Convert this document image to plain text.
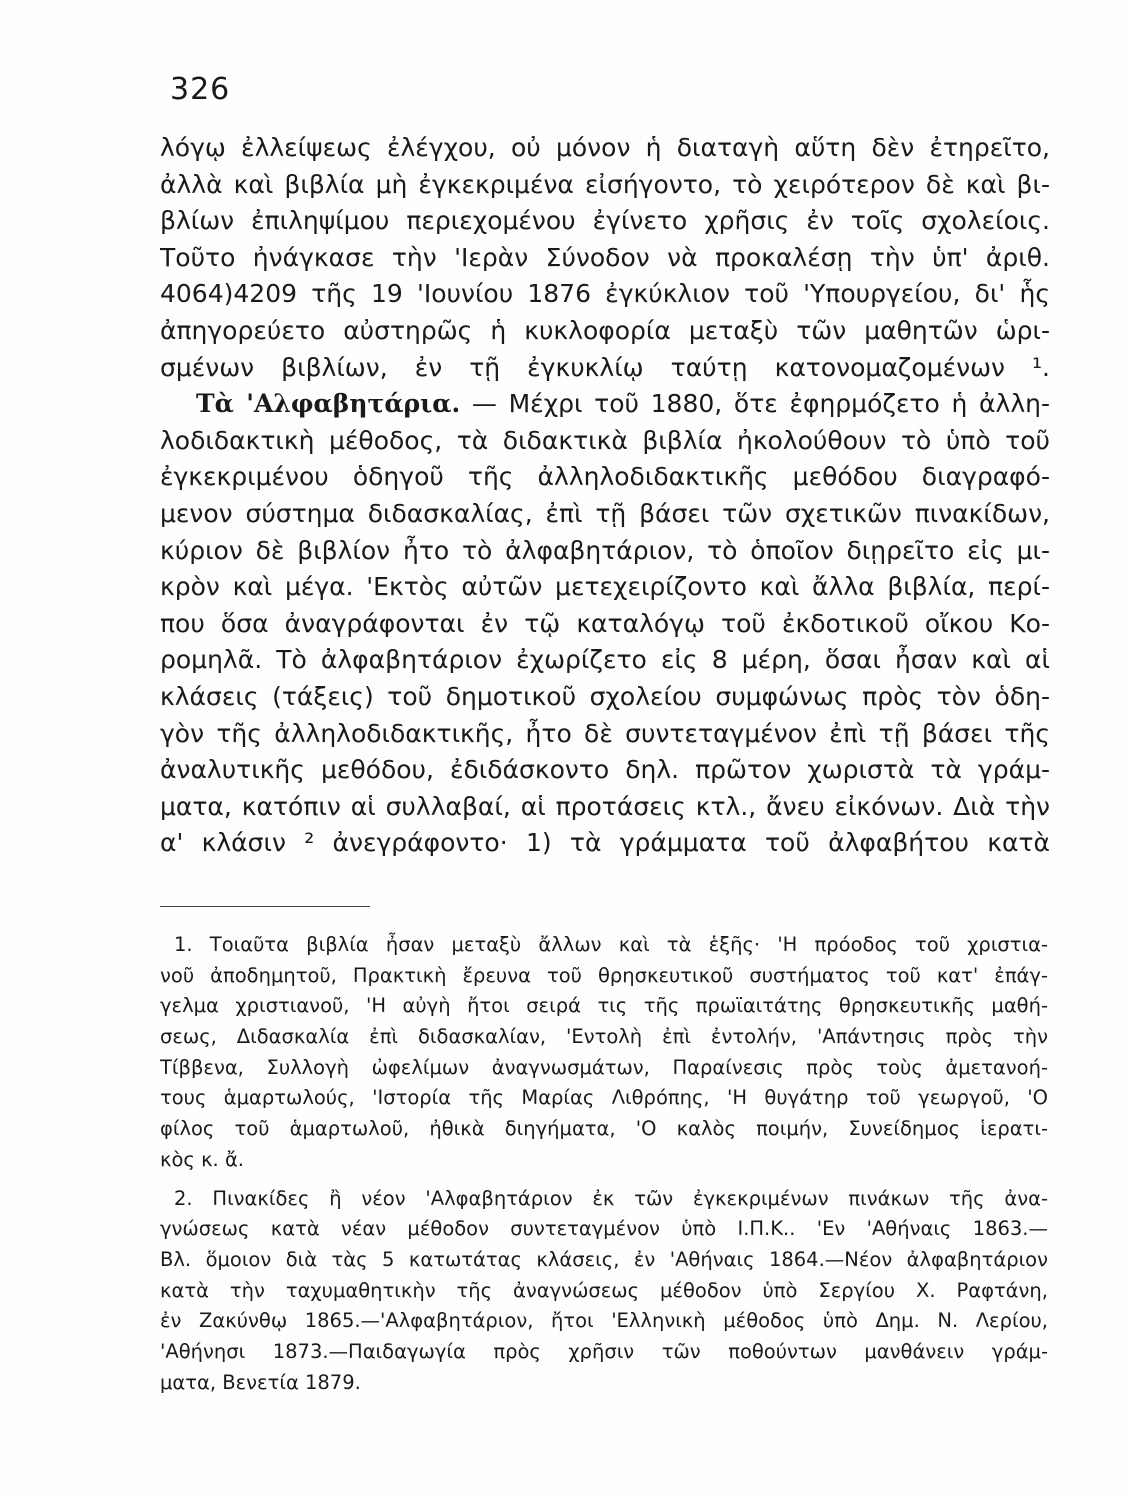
326
λόγῳ ἐλλείψεως ἐλέγχου, οὐ μόνον ἡ διαταγὴ αὕτη δὲν ἐτηρεῖτο,
ἀλλὰ καὶ βιβλία μὴ ἐγκεκριμένα εἰσήγοντο, τὸ χειρότερον δὲ καὶ βι-
βλίων ἐπιληψίμου περιεχομένου ἐγίνετο χρῆσις ἐν τοῖς σχολείοις.
Τοῦτο ἠνάγκασε τὴν 'Ιερὰν Σύνοδον νὰ προκαλέσῃ τὴν ὑπ' ἀριθ.
4064)4209 τῆς 19 'Ιουνίου 1876 ἐγκύκλιον τοῦ 'Υπουργείου, δι' ἧς
ἀπηγορεύετο αὐστηρῶς ἡ κυκλοφορία μεταξὺ τῶν μαθητῶν ὡρι-
σμένων βιβλίων, ἐν τῇ ἐγκυκλίῳ ταύτῃ κατονομαζομένων ¹.
Τὰ 'Αλφαβητάρια. — Μέχρι τοῦ 1880, ὅτε ἐφηρμόζετο ἡ ἀλλη-
λοδιδακτικὴ μέθοδος, τὰ διδακτικὰ βιβλία ἠκολούθουν τὸ ὑπὸ τοῦ
ἐγκεκριμένου ὁδηγοῦ τῆς ἀλληλοδιδακτικῆς μεθόδου διαγραφό-
μενον σύστημα διδασκαλίας, ἐπὶ τῇ βάσει τῶν σχετικῶν πινακίδων,
κύριον δὲ βιβλίον ἦτο τὸ ἀλφαβητάριον, τὸ ὁποῖον διῃρεῖτο εἰς μι-
κρὸν καὶ μέγα. 'Εκτὸς αὐτῶν μετεχειρίζοντο καὶ ἄλλα βιβλία, περί-
που ὅσα ἀναγράφονται ἐν τῷ καταλόγῳ τοῦ ἐκδοτικοῦ οἴκου Κο-
ρομηλᾶ. Τὸ ἀλφαβητάριον ἐχωρίζετο εἰς 8 μέρη, ὅσαι ἦσαν καὶ αἱ
κλάσεις (τάξεις) τοῦ δημοτικοῦ σχολείου συμφώνως πρὸς τὸν ὁδη-
γὸν τῆς ἀλληλοδιδακτικῆς, ἦτο δὲ συντεταγμένον ἐπὶ τῇ βάσει τῆς
ἀναλυτικῆς μεθόδου, ἐδιδάσκοντο δηλ. πρῶτον χωριστὰ τὰ γράμ-
ματα, κατόπιν αἱ συλλαβαί, αἱ προτάσεις κτλ., ἄνευ εἰκόνων. Διὰ τὴν
α' κλάσιν ² ἀνεγράφοντο· 1) τὰ γράμματα τοῦ ἀλφαβήτου κατὰ
1. Τοιαῦτα βιβλία ἦσαν μεταξὺ ἄλλων καὶ τὰ ἑξῆς· 'Η πρόοδος τοῦ χριστια-
νοῦ ἀποδημητοῦ, Πρακτικὴ ἔρευνα τοῦ θρησκευτικοῦ συστήματος τοῦ κατ' ἐπάγ-
γελμα χριστιανοῦ, 'Η αὐγὴ ἤτοι σειρά τις τῆς πρωϊαιτάτης θρησκευτικῆς μαθή-
σεως, Διδασκαλία ἐπὶ διδασκαλίαν, 'Εντολὴ ἐπὶ ἐντολήν, 'Απάντησις πρὸς τὴν
Τίββενα, Συλλογὴ ὠφελίμων ἀναγνωσμάτων, Παραίνεσις πρὸς τοὺς ἀμετανοή-
τους ἁμαρτωλούς, 'Ιστορία τῆς Μαρίας Λιθρόπης, 'Η θυγάτηρ τοῦ γεωργοῦ, 'Ο
φίλος τοῦ ἁμαρτωλοῦ, ἠθικὰ διηγήματα, 'Ο καλὸς ποιμήν, Συνείδημος ἱερατι-
κὸς κ. ἄ.
2. Πινακίδες ἢ νέον 'Αλφαβητάριον ἐκ τῶν ἐγκεκριμένων πινάκων τῆς ἀνα-
γνώσεως κατὰ νέαν μέθοδον συντεταγμένον ὑπὸ Ι.Π.Κ.. 'Εν 'Αθήναις 1863.—
Βλ. ὅμοιον διὰ τὰς 5 κατωτάτας κλάσεις, ἐν 'Αθήναις 1864.—Νέον ἀλφαβητάριον
κατὰ τὴν ταχυμαθητικὴν τῆς ἀναγνώσεως μέθοδον ὑπὸ Σεργίου Χ. Ραφτάνη,
ἐν Ζακύνθῳ 1865.—'Αλφαβητάριον, ἤτοι 'Ελληνικὴ μέθοδος ὑπὸ Δημ. Ν. Λερίου,
'Αθήνησι 1873.—Παιδαγωγία πρὸς χρῆσιν τῶν ποθούντων μανθάνειν γράμ-
ματα, Βενετία 1879.
